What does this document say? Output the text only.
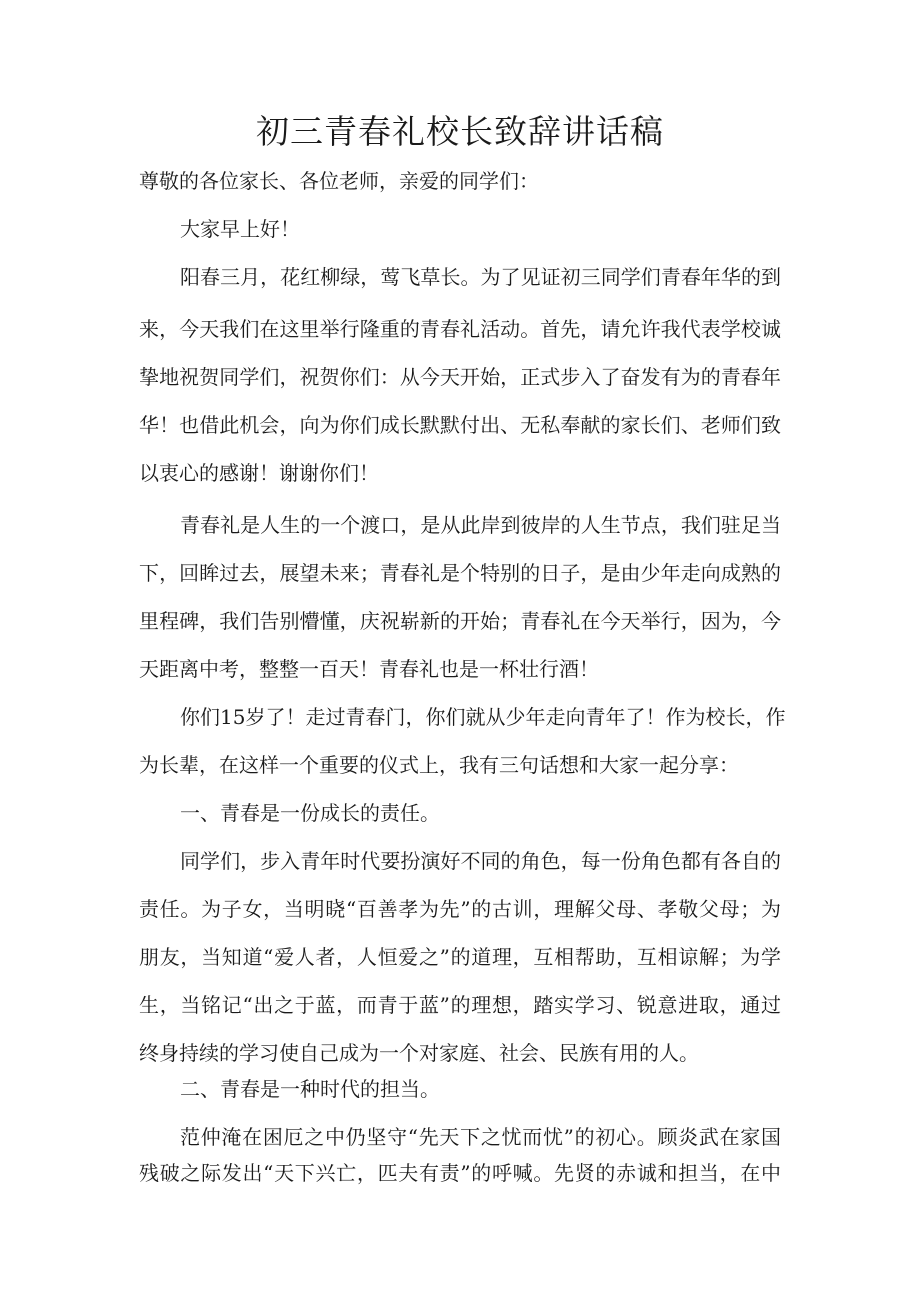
初三青春礼校长致辞讲话稿

尊敬的各位家长、各位老师，亲爱的同学们：

大家早上好！

阳春三月，花红柳绿，莺飞草长。为了见证初三同学们青春年华的到

来，今天我们在这里举行隆重的青春礼活动。首先，请允许我代表学校诚

挚地祝贺同学们，祝贺你们：从今天开始，正式步入了奋发有为的青春年

华！也借此机会，向为你们成长默默付出、无私奉献的家长们、老师们致

以衷心的感谢！谢谢你们！

青春礼是人生的一个渡口，是从此岸到彼岸的人生节点，我们驻足当

下，回眸过去，展望未来；青春礼是个特别的日子，是由少年走向成熟的

里程碑，我们告别懵懂，庆祝崭新的开始；青春礼在今天举行，因为，今

天距离中考，整整一百天！青春礼也是一杯壮行酒！

你们15岁了！走过青春门，你们就从少年走向青年了！作为校长，作

为长辈，在这样一个重要的仪式上，我有三句话想和大家一起分享：

一、青春是一份成长的责任。

同学们，步入青年时代要扮演好不同的角色，每一份角色都有各自的

责任。为子女，当明晓“百善孝为先”的古训，理解父母、孝敬父母；为

朋友，当知道“爱人者，人恒爱之”的道理，互相帮助，互相谅解；为学

生，当铭记“出之于蓝，而青于蓝”的理想，踏实学习、锐意进取，通过

终身持续的学习使自己成为一个对家庭、社会、民族有用的人。

二、青春是一种时代的担当。

范仲淹在困厄之中仍坚守“先天下之忧而忧”的初心。顾炎武在家国

残破之际发出“天下兴亡，匹夫有责”的呼喊。先贤的赤诚和担当，在中
